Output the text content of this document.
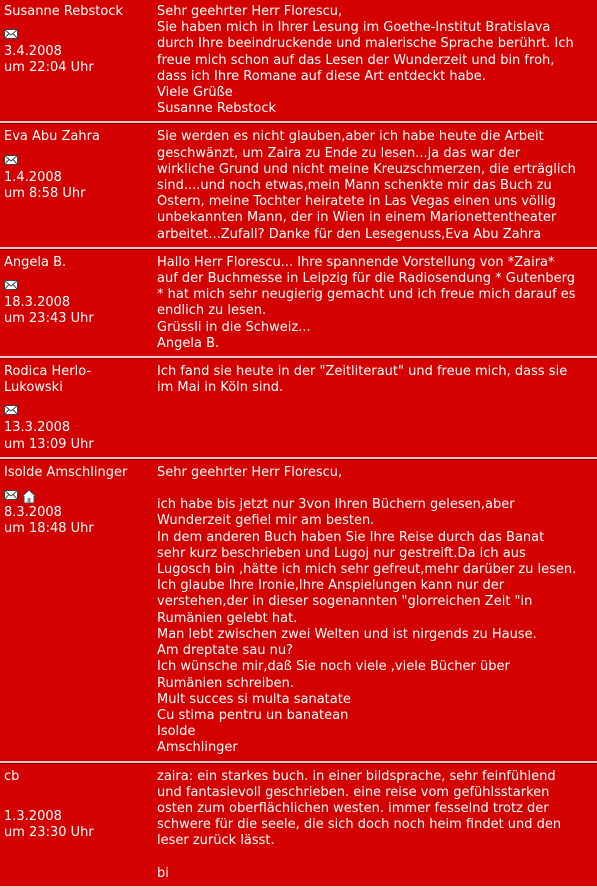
Susanne Rebstock
3.4.2008
um 22:04 Uhr
Sehr geehrter Herr Florescu,
Sie haben mich in Ihrer Lesung im Goethe-Institut Bratislava
durch Ihre beeindruckende und malerische Sprache berührt. Ich
freue mich schon auf das Lesen der Wunderzeit und bin froh,
dass ich Ihre Romane auf diese Art entdeckt habe.
Viele Grüße
Susanne Rebstock
Eva Abu Zahra
1.4.2008
um 8:58 Uhr
Sie werden es nicht glauben,aber ich habe heute die Arbeit
geschwänzt, um Zaira zu Ende zu lesen...ja das war der
wirkliche Grund und nicht meine Kreuzschmerzen, die erträglich
sind....und noch etwas,mein Mann schenkte mir das Buch zu
Ostern, meine Tochter heiratete in Las Vegas einen uns völlig
unbekannten Mann, der in Wien in einem Marionettentheater
arbeitet...Zufall? Danke für den Lesegenuss,Eva Abu Zahra
Angela B.
18.3.2008
um 23:43 Uhr
Hallo Herr Florescu... Ihre spannende Vorstellung von *Zaira*
auf der Buchmesse in Leipzig für die Radiosendung * Gutenberg
* hat mich sehr neugierig gemacht und ich freue mich darauf es
endlich zu lesen.
Grüssli in die Schweiz...
Angela B.
Rodica Herlo-
Lukowski
13.3.2008
um 13:09 Uhr
Ich fand sie heute in der "Zeitliteraut" und freue mich, dass sie
im Mai in Köln sind.
Isolde Amschlinger
8.3.2008
um 18:48 Uhr
Sehr geehrter Herr Florescu,
ich habe bis jetzt nur 3von Ihren Büchern gelesen,aber
Wunderzeit gefiel mir am besten.
In dem anderen Buch haben Sie Ihre Reise durch das Banat
sehr kurz beschrieben und Lugoj nur gestreift.Da ich aus
Lugosch bin ,hätte ich mich sehr gefreut,mehr darüber zu lesen.
Ich glaube Ihre Ironie,Ihre Anspielungen kann nur der
verstehen,der in dieser sogenannten "glorreichen Zeit "in
Rumänien gelebt hat.
Man lebt zwischen zwei Welten und ist nirgends zu Hause.
Am dreptate sau nu?
Ich wünsche mir,daß Sie noch viele ,viele Bücher über
Rumänien schreiben.
Mult succes si multa sanatate
Cu stima pentru un banatean
Isolde
Amschlinger
cb
1.3.2008
um 23:30 Uhr
zaira: ein starkes buch. in einer bildsprache, sehr feinfühlend
und fantasievoll geschrieben. eine reise vom gefühlsstarken
osten zum oberflächlichen westen. immer fesselnd trotz der
schwere für die seele, die sich doch noch heim findet und den
leser zurück lässt.
bi
